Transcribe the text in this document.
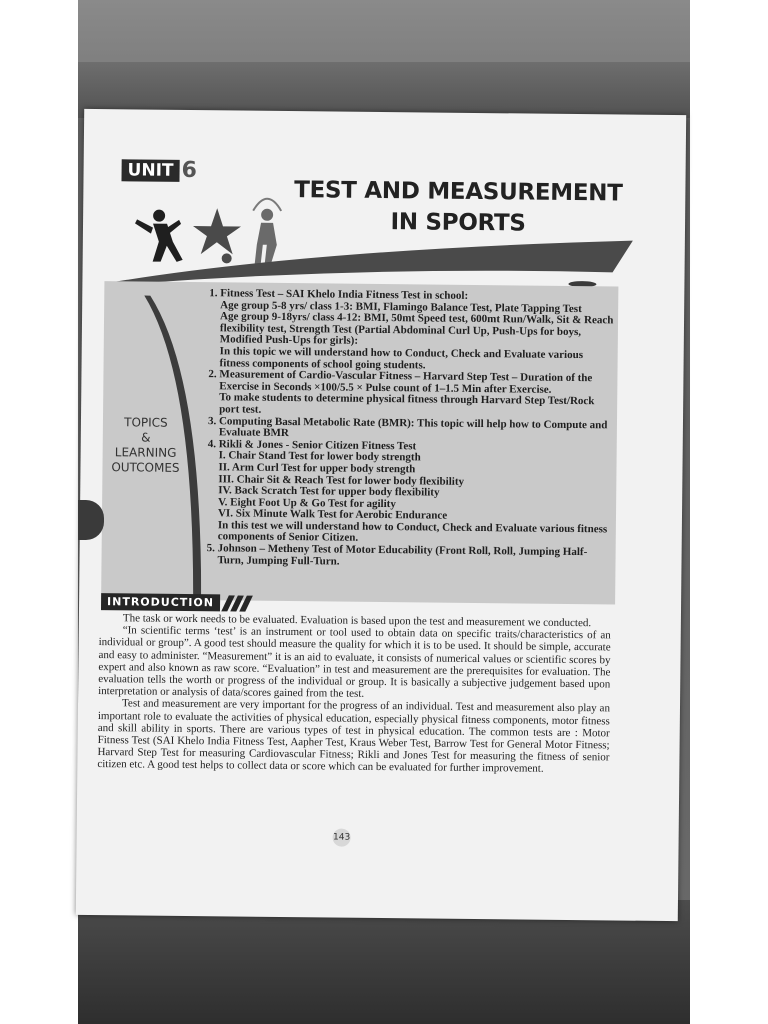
UNIT 6
TEST AND MEASUREMENT
IN SPORTS
TOPICS
&
LEARNING
OUTCOMES

1. Fitness Test – SAI Khelo India Fitness Test in school:

Age group 5-8 yrs/ class 1-3: BMI, Flamingo Balance Test, Plate Tapping Test

Age group 9-18yrs/ class 4-12: BMI, 50mt Speed test, 600mt Run/Walk, Sit & Reach flexibility test, Strength Test (Partial Abdominal Curl Up, Push-Ups for boys, Modified Push-Ups for girls):

In this topic we will understand how to Conduct, Check and Evaluate various fitness components of school going students.

2. Measurement of Cardio-Vascular Fitness – Harvard Step Test – Duration of the Exercise in Seconds ×100/5.5 × Pulse count of 1–1.5 Min after Exercise.

To make students to determine physical fitness through Harvard Step Test/Rock port test.

3. Computing Basal Metabolic Rate (BMR): This topic will help how to Compute and Evaluate BMR

4. Rikli & Jones - Senior Citizen Fitness Test

I. Chair Stand Test for lower body strength

II. Arm Curl Test for upper body strength

III. Chair Sit & Reach Test for lower body flexibility

IV. Back Scratch Test for upper body flexibility

V. Eight Foot Up & Go Test for agility

VI. Six Minute Walk Test for Aerobic Endurance

In this test we will understand how to Conduct, Check and Evaluate various fitness components of Senior Citizen.

5. Johnson – Metheny Test of Motor Educability (Front Roll, Roll, Jumping Half-Turn, Jumping Full-Turn.

INTRODUCTION

The task or work needs to be evaluated. Evaluation is based upon the test and measurement we conducted.

“In scientific terms ‘test’ is an instrument or tool used to obtain data on specific traits/characteristics of an individual or group”. A good test should measure the quality for which it is to be used. It should be simple, accurate and easy to administer. “Measurement” it is an aid to evaluate, it consists of numerical values or scientific scores by expert and also known as raw score. “Evaluation” in test and measurement are the prerequisites for evaluation. The evaluation tells the worth or progress of the individual or group. It is basically a subjective judgement based upon interpretation or analysis of data/scores gained from the test.

Test and measurement are very important for the progress of an individual. Test and measurement also play an important role to evaluate the activities of physical education, especially physical fitness components, motor fitness and skill ability in sports. There are various types of test in physical education. The common tests are : Motor Fitness Test (SAI Khelo India Fitness Test, Aapher Test, Kraus Weber Test, Barrow Test for General Motor Fitness; Harvard Step Test for measuring Cardiovascular Fitness; Rikli and Jones Test for measuring the fitness of senior citizen etc. A good test helps to collect data or score which can be evaluated for further improvement.

143
